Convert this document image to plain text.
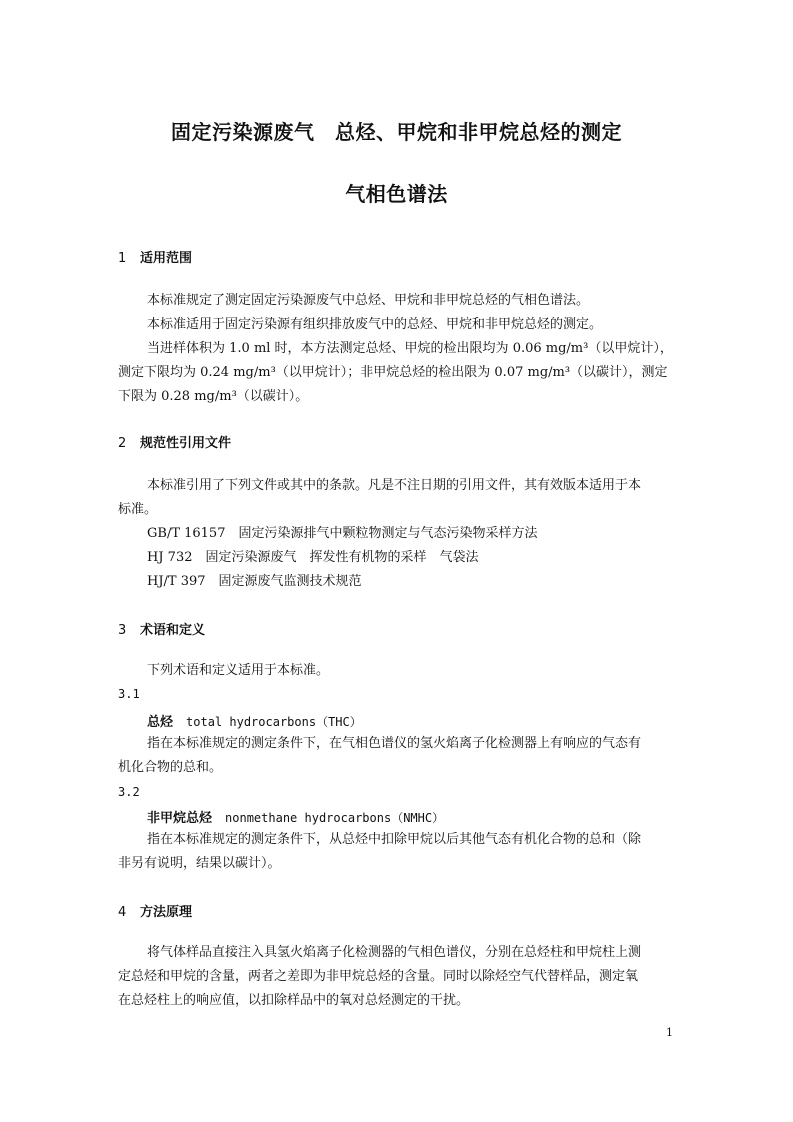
固定污染源废气　总烃、甲烷和非甲烷总烃的测定
气相色谱法
1 适用范围
本标准规定了测定固定污染源废气中总烃、甲烷和非甲烷总烃的气相色谱法。
本标准适用于固定污染源有组织排放废气中的总烃、甲烷和非甲烷总烃的测定。
当进样体积为 1.0 ml 时，本方法测定总烃、甲烷的检出限均为 0.06 mg/m³（以甲烷计），
测定下限均为 0.24 mg/m³（以甲烷计）；非甲烷总烃的检出限为 0.07 mg/m³（以碳计），测定
下限为 0.28 mg/m³（以碳计）。
2 规范性引用文件
本标准引用了下列文件或其中的条款。凡是不注日期的引用文件，其有效版本适用于本
标准。
GB/T 16157　固定污染源排气中颗粒物测定与气态污染物采样方法
HJ 732　固定污染源废气　挥发性有机物的采样　气袋法
HJ/T 397　固定源废气监测技术规范
3 术语和定义
下列术语和定义适用于本标准。
3.1
总烃　 total hydrocarbons（THC）
指在本标准规定的测定条件下，在气相色谱仪的氢火焰离子化检测器上有响应的气态有
机化合物的总和。
3.2
非甲烷总烃　 nonmethane hydrocarbons（NMHC）
指在本标准规定的测定条件下，从总烃中扣除甲烷以后其他气态有机化合物的总和（除
非另有说明，结果以碳计）。
4 方法原理
将气体样品直接注入具氢火焰离子化检测器的气相色谱仪，分别在总烃柱和甲烷柱上测
定总烃和甲烷的含量，两者之差即为非甲烷总烃的含量。同时以除烃空气代替样品，测定氧
在总烃柱上的响应值，以扣除样品中的氧对总烃测定的干扰。
1
